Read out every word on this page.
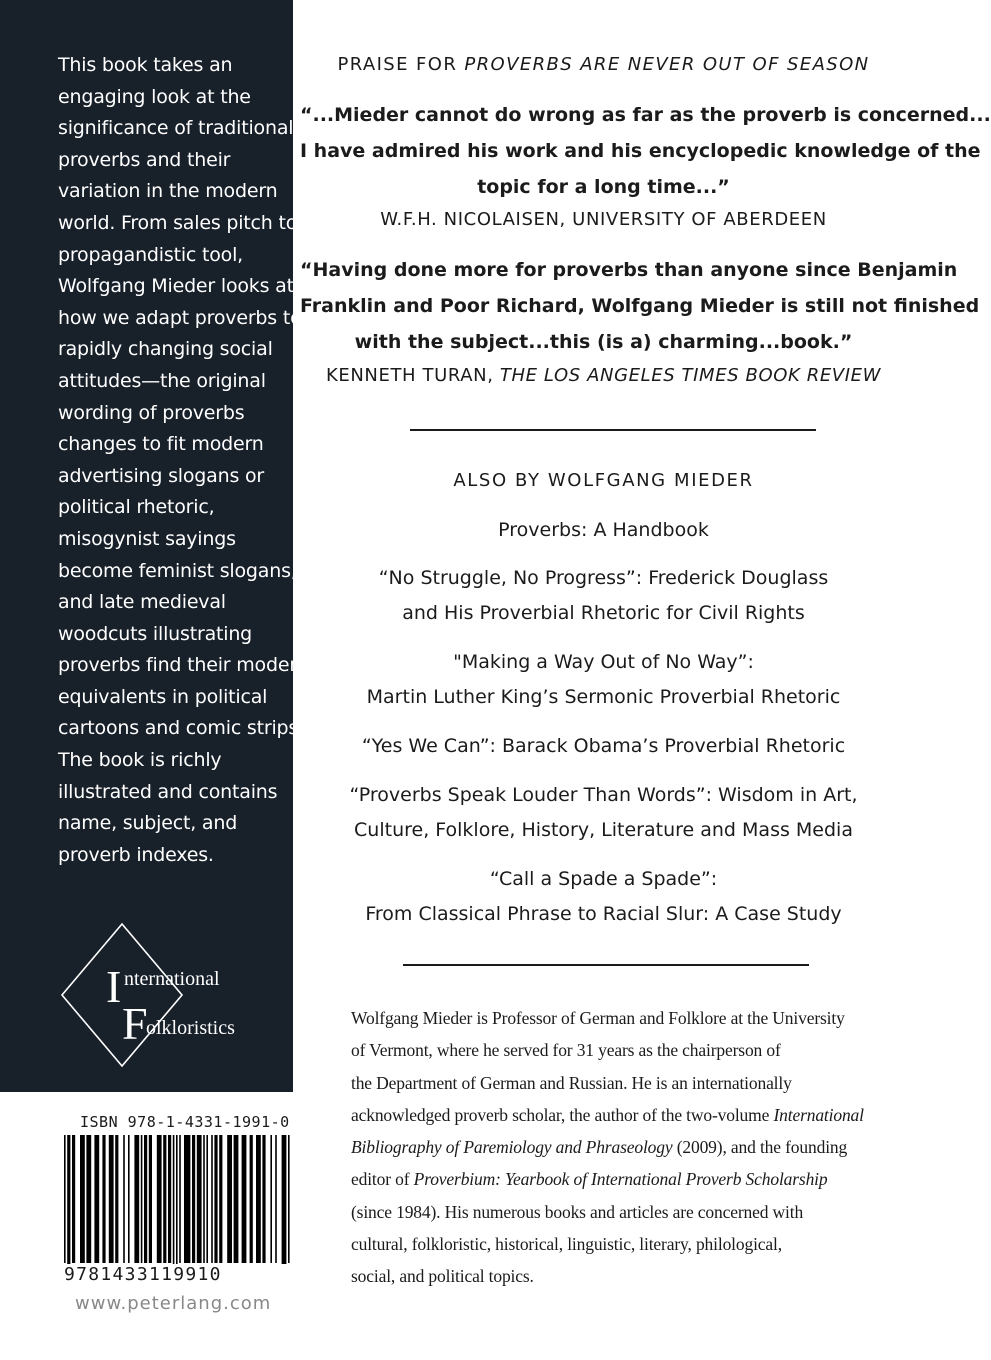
This book takes an
engaging look at the
significance of traditional
proverbs and their
variation in the modern
world. From sales pitch to
propagandistic tool,
Wolfgang Mieder looks at
how we adapt proverbs to
rapidly changing social
attitudes—the original
wording of proverbs
changes to fit modern
advertising slogans or
political rhetoric,
misogynist sayings
become feminist slogans,
and late medieval
woodcuts illustrating
proverbs find their modern
equivalents in political
cartoons and comic strips.
The book is richly
illustrated and contains
name, subject, and
proverb indexes.
I nternational
F
olkloristics
ISBN 978-1-4331-1991-0
9781433119910
www.peterlang.com
PRAISE FOR PROVERBS ARE NEVER OUT OF SEASON
“...Mieder cannot do wrong as far as the proverb is concerned...
I have admired his work and his encyclopedic knowledge of the
topic for a long time...”
W.F.H. NICOLAISEN, UNIVERSITY OF ABERDEEN
“Having done more for proverbs than anyone since Benjamin
Franklin and Poor Richard, Wolfgang Mieder is still not finished
with the subject...this (is a) charming...book.”
KENNETH TURAN, THE LOS ANGELES TIMES BOOK REVIEW
ALSO BY WOLFGANG MIEDER
Proverbs: A Handbook
“No Struggle, No Progress”: Frederick Douglass
and His Proverbial Rhetoric for Civil Rights
"Making a Way Out of No Way”:
Martin Luther King’s Sermonic Proverbial Rhetoric
“Yes We Can”: Barack Obama’s Proverbial Rhetoric
“Proverbs Speak Louder Than Words”: Wisdom in Art,
Culture, Folklore, History, Literature and Mass Media
“Call a Spade a Spade”:
From Classical Phrase to Racial Slur: A Case Study
Wolfgang Mieder is Professor of German and Folklore at the University
of Vermont, where he served for 31 years as the chairperson of
the Department of German and Russian. He is an internationally
acknowledged proverb scholar, the author of the two-volume International
Bibliography of Paremiology and Phraseology (2009), and the founding
editor of Proverbium: Yearbook of International Proverb Scholarship
(since 1984). His numerous books and articles are concerned with
cultural, folkloristic, historical, linguistic, literary, philological,
social, and political topics.
